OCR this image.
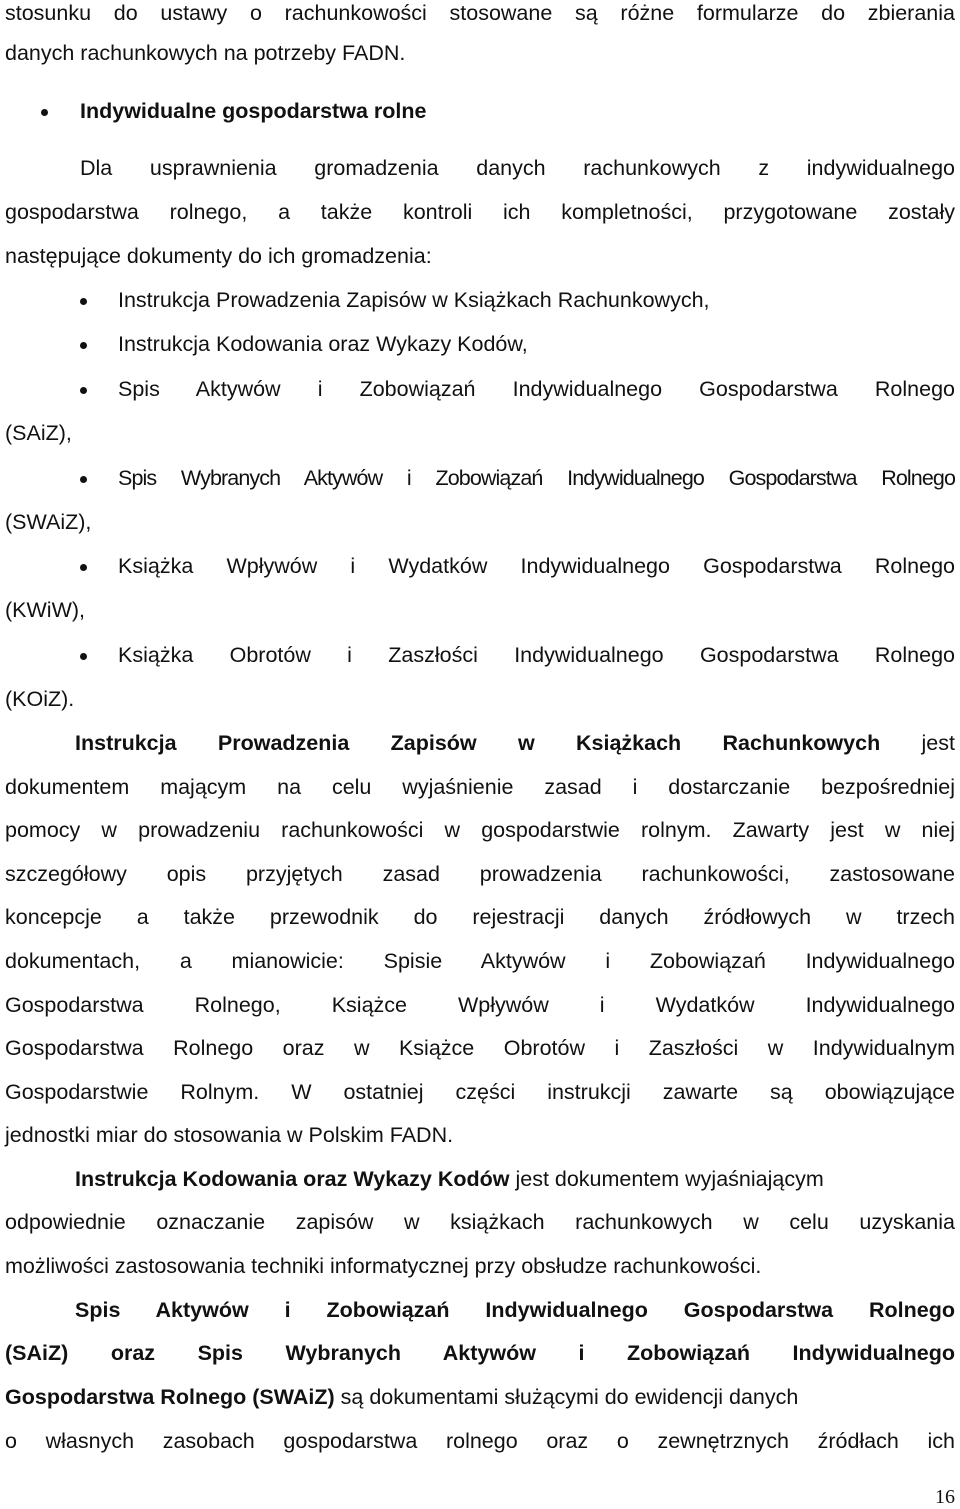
stosunku do ustawy o rachunkowości stosowane są różne formularze do zbierania
danych rachunkowych na potrzeby FADN.
Indywidualne gospodarstwa rolne
Dla usprawnienia gromadzenia danych rachunkowych z indywidualnego
gospodarstwa rolnego, a także kontroli ich kompletności, przygotowane zostały
następujące dokumenty do ich gromadzenia:
Instrukcja Prowadzenia Zapisów w Książkach Rachunkowych,
Instrukcja Kodowania oraz Wykazy Kodów,
Spis Aktywów i Zobowiązań Indywidualnego Gospodarstwa Rolnego
(SAiZ),
Spis Wybranych Aktywów i Zobowiązań Indywidualnego Gospodarstwa Rolnego
(SWAiZ),
Książka Wpływów i Wydatków Indywidualnego Gospodarstwa Rolnego
(KWiW),
Książka Obrotów i Zaszłości Indywidualnego Gospodarstwa Rolnego
(KOiZ).
Instrukcja Prowadzenia Zapisów w Książkach Rachunkowych jest
dokumentem mającym na celu wyjaśnienie zasad i dostarczanie bezpośredniej
pomocy w prowadzeniu rachunkowości w gospodarstwie rolnym. Zawarty jest w niej
szczegółowy opis przyjętych zasad prowadzenia rachunkowości, zastosowane
koncepcje a także przewodnik do rejestracji danych źródłowych w trzech
dokumentach, a mianowicie: Spisie Aktywów i Zobowiązań Indywidualnego
Gospodarstwa Rolnego, Książce Wpływów i Wydatków Indywidualnego
Gospodarstwa Rolnego oraz w Książce Obrotów i Zaszłości w Indywidualnym
Gospodarstwie Rolnym. W ostatniej części instrukcji zawarte są obowiązujące
jednostki miar do stosowania w Polskim FADN.
Instrukcja Kodowania oraz Wykazy Kodów jest dokumentem wyjaśniającym
odpowiednie oznaczanie zapisów w książkach rachunkowych w celu uzyskania
możliwości zastosowania techniki informatycznej przy obsłudze rachunkowości.
Spis Aktywów i Zobowiązań Indywidualnego Gospodarstwa Rolnego
(SAiZ) oraz Spis Wybranych Aktywów i Zobowiązań Indywidualnego
Gospodarstwa Rolnego (SWAiZ) są dokumentami służącymi do ewidencji danych
o własnych zasobach gospodarstwa rolnego oraz o zewnętrznych źródłach ich
16
